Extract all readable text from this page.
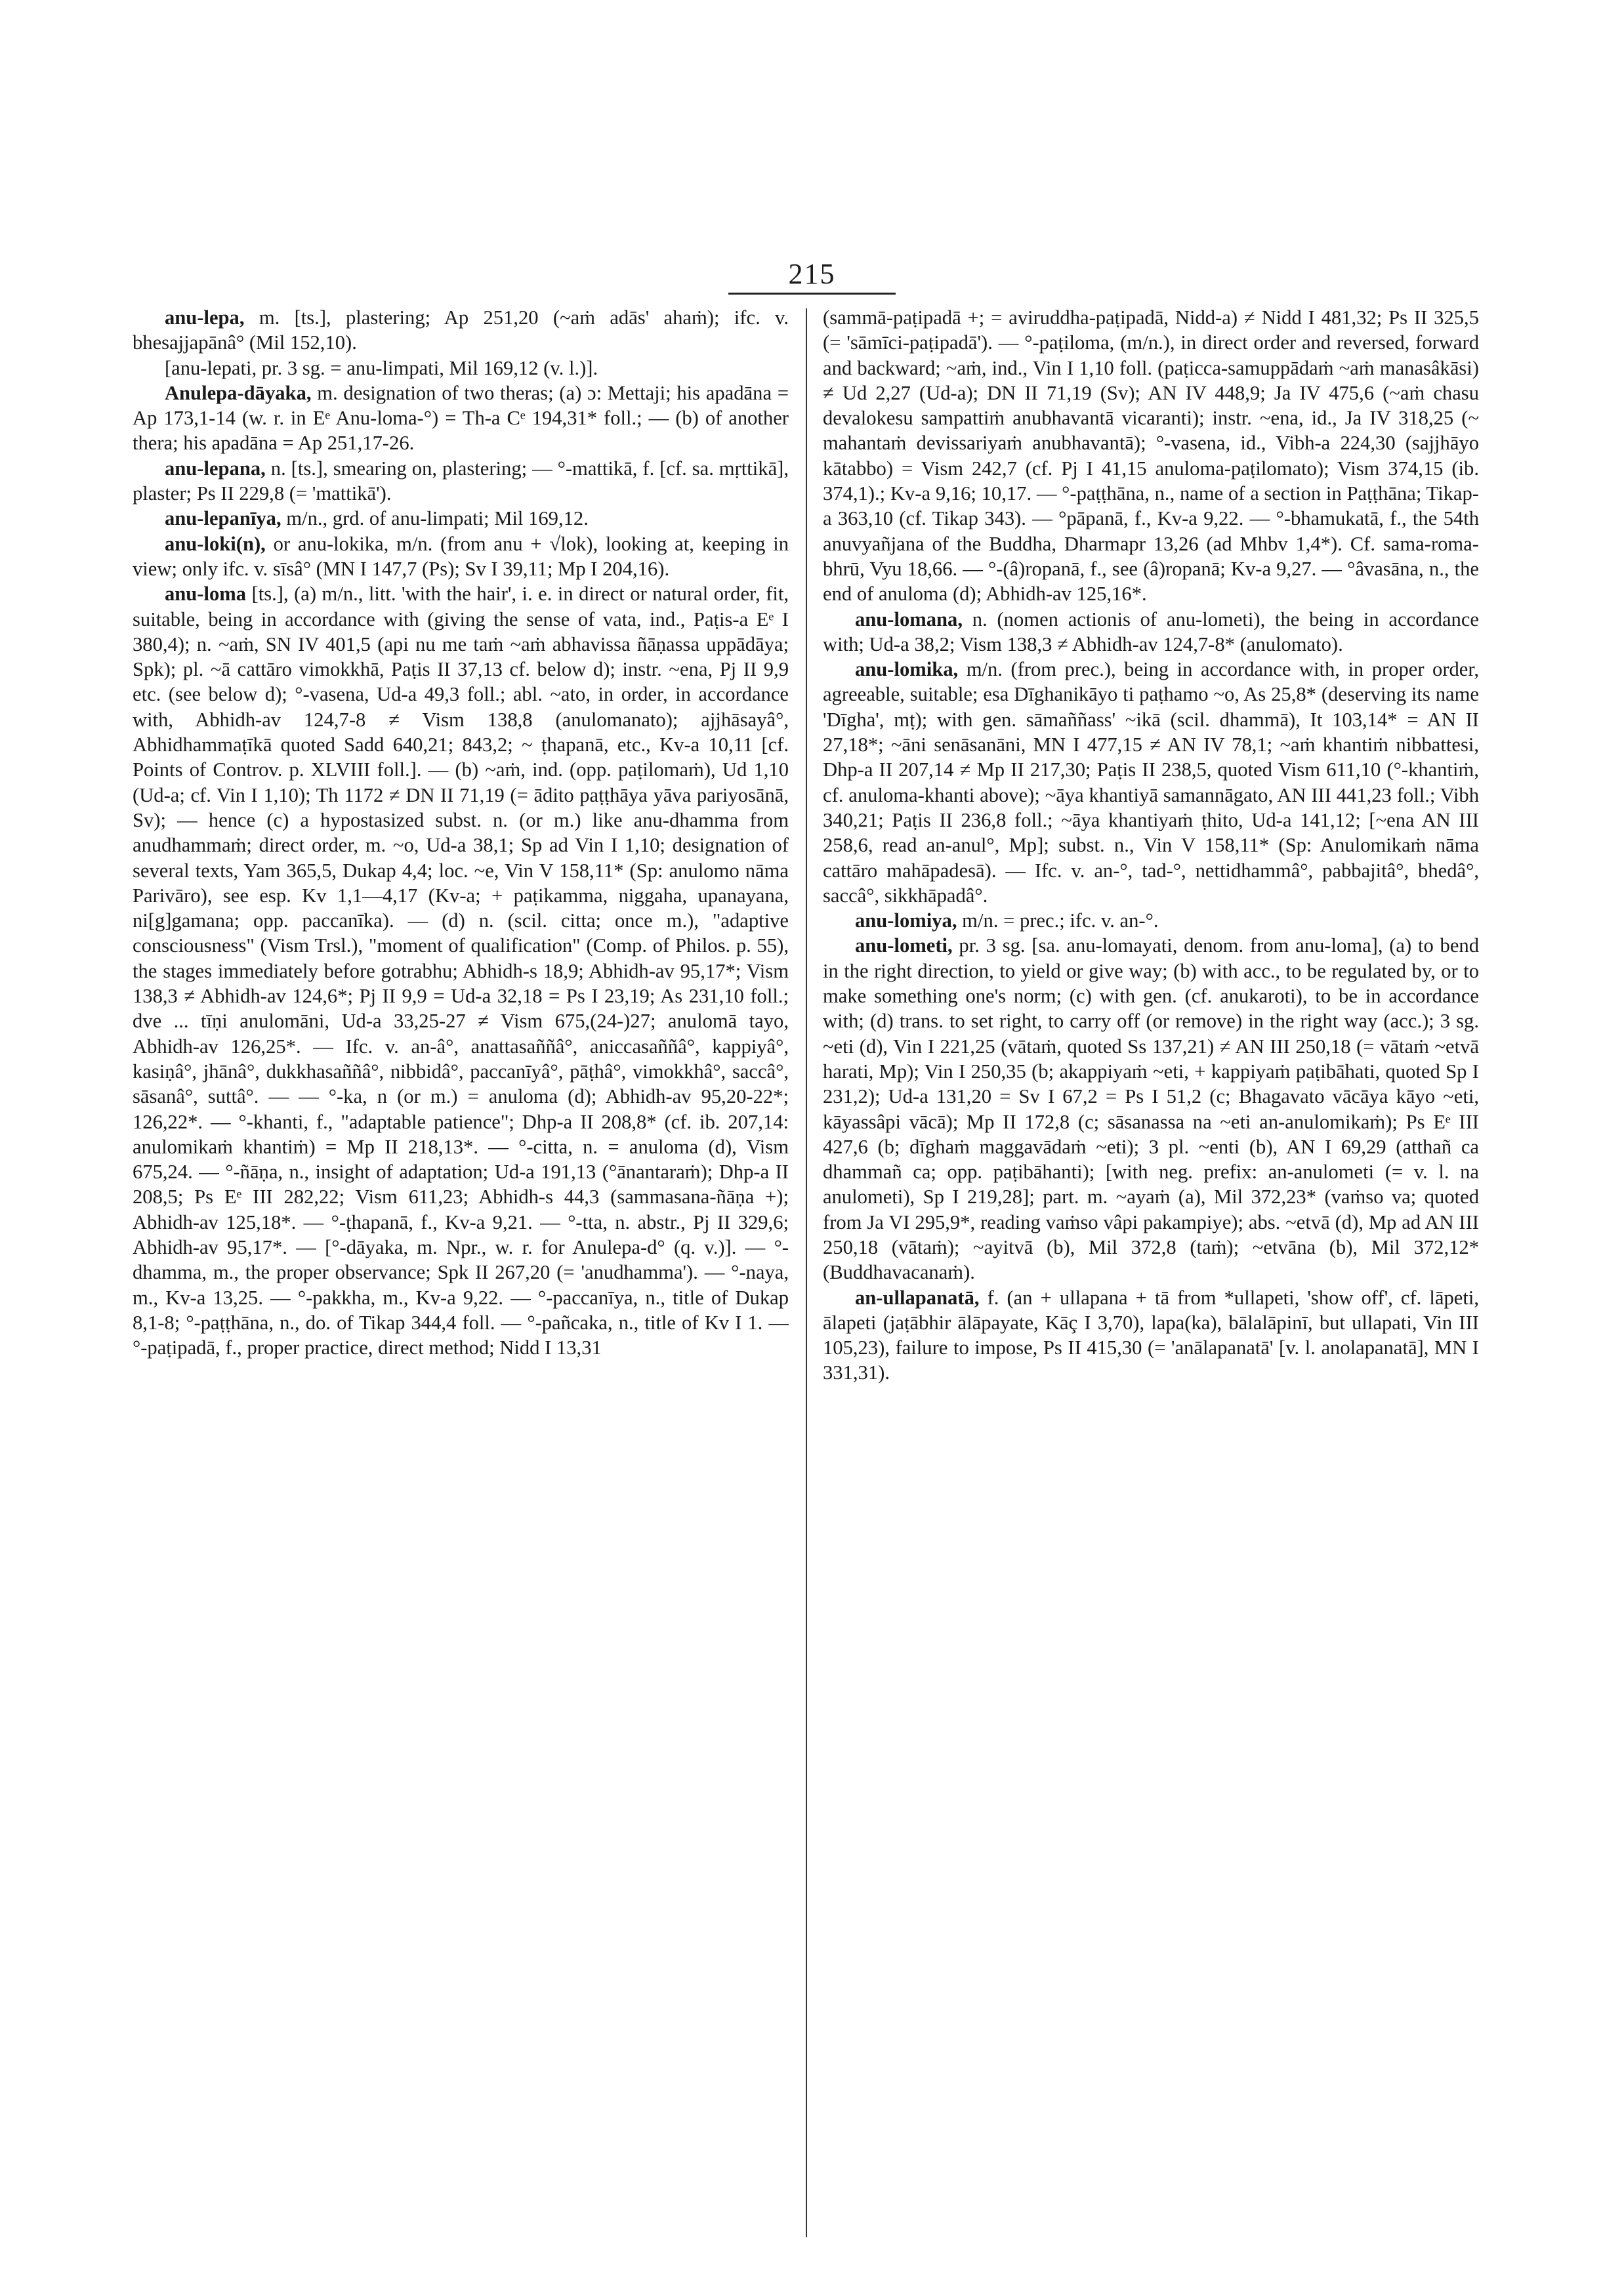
215

anu-lepa, m. [ts.], plastering; Ap 251,20 (~aṁ adās' ahaṁ); ifc. v. bhesajjapānâ° (Mil 152,10).

[anu-lepati, pr. 3 sg. = anu-limpati, Mil 169,12 (v. l.)].

Anulepa-dāyaka, m. designation of two theras; (a) ɔ: Mettaji; his apadāna = Ap 173,1-14 (w. r. in Eᵉ Anu-loma-°) = Th-a Cᵉ 194,31* foll.; — (b) of another thera; his apadāna = Ap 251,17-26.

anu-lepana, n. [ts.], smearing on, plastering; — °-mattikā, f. [cf. sa. mṛttikā], plaster; Ps II 229,8 (= 'mattikā').

anu-lepanīya, m/n., grd. of anu-limpati; Mil 169,12.

anu-loki(n), or anu-lokika, m/n. (from anu + √lok), looking at, keeping in view; only ifc. v. sīsâ° (MN I 147,7 (Ps); Sv I 39,11; Mp I 204,16).

anu-loma [ts.], (a) m/n., litt. 'with the hair', i. e. in direct or natural order, fit, suitable, being in accordance with (giving the sense of vata, ind., Paṭis-a Eᵉ I 380,4); n. ~aṁ, SN IV 401,5 (api nu me taṁ ~aṁ abhavissa ñāṇassa uppādāya; Spk); pl. ~ā cattāro vimokkhā, Paṭis II 37,13 cf. below d); instr. ~ena, Pj II 9,9 etc. (see below d); °-vasena, Ud-a 49,3 foll.; abl. ~ato, in order, in accordance with, Abhidh-av 124,7-8 ≠ Vism 138,8 (anulomanato); ajjhāsayâ°, Abhidhammaṭīkā quoted Sadd 640,21; 843,2; ~ ṭhapanā, etc., Kv-a 10,11 [cf. Points of Controv. p. XLVIII foll.]. — (b) ~aṁ, ind. (opp. paṭilomaṁ), Ud 1,10 (Ud-a; cf. Vin I 1,10); Th 1172 ≠ DN II 71,19 (= ādito paṭṭhāya yāva pariyosānā, Sv); — hence (c) a hypostasized subst. n. (or m.) like anu-dhamma from anudhammaṁ; direct order, m. ~o, Ud-a 38,1; Sp ad Vin I 1,10; designation of several texts, Yam 365,5, Dukap 4,4; loc. ~e, Vin V 158,11* (Sp: anulomo nāma Parivāro), see esp. Kv 1,1—4,17 (Kv-a; + paṭikamma, niggaha, upanayana, ni[g]gamana; opp. paccanīka). — (d) n. (scil. citta; once m.), "adaptive consciousness" (Vism Trsl.), "moment of qualification" (Comp. of Philos. p. 55), the stages immediately before gotrabhu; Abhidh-s 18,9; Abhidh-av 95,17*; Vism 138,3 ≠ Abhidh-av 124,6*; Pj II 9,9 = Ud-a 32,18 = Ps I 23,19; As 231,10 foll.; dve ... tīṇi anulomāni, Ud-a 33,25-27 ≠ Vism 675,(24-)27; anulomā tayo, Abhidh-av 126,25*. — Ifc. v. an-â°, anattasaññâ°, aniccasaññâ°, kappiyâ°, kasiṇâ°, jhānâ°, dukkhasaññâ°, nibbidâ°, paccanīyâ°, pāṭhâ°, vimokkhâ°, saccâ°, sāsanâ°, suttâ°. — — °-ka, n (or m.) = anuloma (d); Abhidh-av 95,20-22*; 126,22*. — °-khanti, f., "adaptable patience"; Dhp-a II 208,8* (cf. ib. 207,14: anulomikaṁ khantiṁ) = Mp II 218,13*. — °-citta, n. = anuloma (d), Vism 675,24. — °-ñāṇa, n., insight of adaptation; Ud-a 191,13 (°ānantaraṁ); Dhp-a II 208,5; Ps Eᵉ III 282,22; Vism 611,23; Abhidh-s 44,3 (sammasana-ñāṇa +); Abhidh-av 125,18*. — °-ṭhapanā, f., Kv-a 9,21. — °-tta, n. abstr., Pj II 329,6; Abhidh-av 95,17*. — [°-dāyaka, m. Npr., w. r. for Anulepa-d° (q. v.)]. — °-dhamma, m., the proper observance; Spk II 267,20 (= 'anudhamma'). — °-naya, m., Kv-a 13,25. — °-pakkha, m., Kv-a 9,22. — °-paccanīya, n., title of Dukap 8,1-8; °-paṭṭhāna, n., do. of Tikap 344,4 foll. — °-pañcaka, n., title of Kv I 1. — °-paṭipadā, f., proper practice, direct method; Nidd I 13,31

(sammā-paṭipadā +; = aviruddha-paṭipadā, Nidd-a) ≠ Nidd I 481,32; Ps II 325,5 (= 'sāmīci-paṭipadā'). — °-paṭiloma, (m/n.), in direct order and reversed, forward and backward; ~aṁ, ind., Vin I 1,10 foll. (paṭicca-samuppādaṁ ~aṁ manasâkāsi) ≠ Ud 2,27 (Ud-a); DN II 71,19 (Sv); AN IV 448,9; Ja IV 475,6 (~aṁ chasu devalokesu sampattiṁ anubhavantā vicaranti); instr. ~ena, id., Ja IV 318,25 (~ mahantaṁ devissariyaṁ anubhavantā); °-vasena, id., Vibh-a 224,30 (sajjhāyo kātabbo) = Vism 242,7 (cf. Pj I 41,15 anuloma-paṭilomato); Vism 374,15 (ib. 374,1).; Kv-a 9,16; 10,17. — °-paṭṭhāna, n., name of a section in Paṭṭhāna; Tikap-a 363,10 (cf. Tikap 343). — °pāpanā, f., Kv-a 9,22. — °-bhamukatā, f., the 54th anuvyañjana of the Buddha, Dharmapr 13,26 (ad Mhbv 1,4*). Cf. sama-roma-bhrū, Vyu 18,66. — °-(â)ropanā, f., see (â)ropanā; Kv-a 9,27. — °âvasāna, n., the end of anuloma (d); Abhidh-av 125,16*.

anu-lomana, n. (nomen actionis of anu-lometi), the being in accordance with; Ud-a 38,2; Vism 138,3 ≠ Abhidh-av 124,7-8* (anulomato).

anu-lomika, m/n. (from prec.), being in accordance with, in proper order, agreeable, suitable; esa Dīghanikāyo ti paṭhamo ~o, As 25,8* (deserving its name 'Dīgha', mṭ); with gen. sāmaññass' ~ikā (scil. dhammā), It 103,14* = AN II 27,18*; ~āni senāsanāni, MN I 477,15 ≠ AN IV 78,1; ~aṁ khantiṁ nibbattesi, Dhp-a II 207,14 ≠ Mp II 217,30; Paṭis II 238,5, quoted Vism 611,10 (°-khantiṁ, cf. anuloma-khanti above); ~āya khantiyā samannāgato, AN III 441,23 foll.; Vibh 340,21; Paṭis II 236,8 foll.; ~āya khantiyaṁ ṭhito, Ud-a 141,12; [~ena AN III 258,6, read an-anul°, Mp]; subst. n., Vin V 158,11* (Sp: Anulomikaṁ nāma cattāro mahāpadesā). — Ifc. v. an-°, tad-°, nettidhammâ°, pabbajitâ°, bhedâ°, saccâ°, sikkhāpadâ°.

anu-lomiya, m/n. = prec.; ifc. v. an-°.

anu-lometi, pr. 3 sg. [sa. anu-lomayati, denom. from anu-loma], (a) to bend in the right direction, to yield or give way; (b) with acc., to be regulated by, or to make something one's norm; (c) with gen. (cf. anukaroti), to be in accordance with; (d) trans. to set right, to carry off (or remove) in the right way (acc.); 3 sg. ~eti (d), Vin I 221,25 (vātaṁ, quoted Ss 137,21) ≠ AN III 250,18 (= vātaṁ ~etvā harati, Mp); Vin I 250,35 (b; akappiyaṁ ~eti, + kappiyaṁ paṭibāhati, quoted Sp I 231,2); Ud-a 131,20 = Sv I 67,2 = Ps I 51,2 (c; Bhagavato vācāya kāyo ~eti, kāyassâpi vācā); Mp II 172,8 (c; sāsanassa na ~eti an-anulomikaṁ); Ps Eᵉ III 427,6 (b; dīghaṁ maggavādaṁ ~eti); 3 pl. ~enti (b), AN I 69,29 (atthañ ca dhammañ ca; opp. paṭibāhanti); [with neg. prefix: an-anulometi (= v. l. na anulometi), Sp I 219,28]; part. m. ~ayaṁ (a), Mil 372,23* (vaṁso va; quoted from Ja VI 295,9*, reading vaṁso vâpi pakampiye); abs. ~etvā (d), Mp ad AN III 250,18 (vātaṁ); ~ayitvā (b), Mil 372,8 (taṁ); ~etvāna (b), Mil 372,12* (Buddhavacanaṁ).

an-ullapanatā, f. (an + ullapana + tā from *ullapeti, 'show off', cf. lāpeti, ālapeti (jaṭābhir ālāpayate, Kāç I 3,70), lapa(ka), bālalāpinī, but ullapati, Vin III 105,23), failure to impose, Ps II 415,30 (= 'anālapanatā' [v. l. anolapanatā], MN I 331,31).
